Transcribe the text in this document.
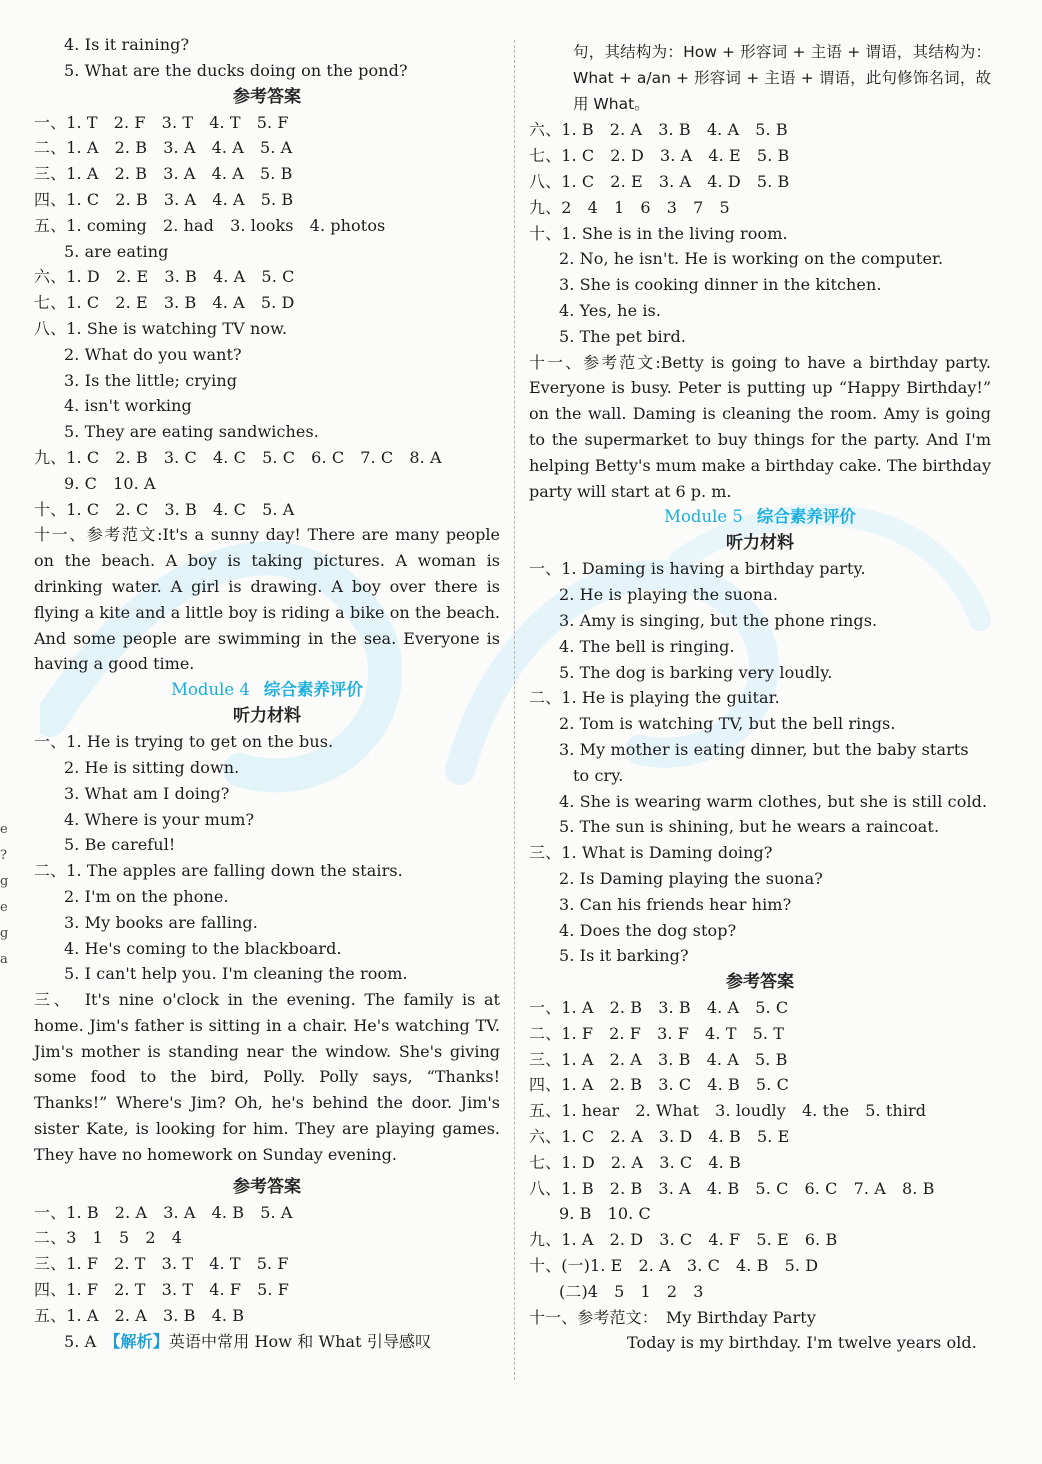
e
?
g
e
g
a
4. Is it raining?
5. What are the ducks doing on the pond?
参考答案
一、1. T　2. F　3. T　4. T　5. F
二、1. A　2. B　3. A　4. A　5. A
三、1. A　2. B　3. A　4. A　5. B
四、1. C　2. B　3. A　4. A　5. B
五、1. coming　2. had　3. looks　4. photos
5. are eating
六、1. D　2. E　3. B　4. A　5. C
七、1. C　2. E　3. B　4. A　5. D
八、1. She is watching TV now.
2. What do you want?
3. Is the little; crying
4. isn't working
5. They are eating sandwiches.
九、1. C　2. B　3. C　4. C　5. C　6. C　7. C　8. A
9. C　10. A
十、1. C　2. C　3. B　4. C　5. A
十一、参考范文:It's a sunny day! There are many people on the beach. A boy is taking pictures. A woman is drinking water. A girl is drawing. A boy over there is flying a kite and a little boy is riding a bike on the beach. And some people are swimming in the sea. Everyone is having a good time.
Module 4 综合素养评价
听力材料
一、1. He is trying to get on the bus.
2. He is sitting down.
3. What am I doing?
4. Where is your mum?
5. Be careful!
二、1. The apples are falling down the stairs.
2. I'm on the phone.
3. My books are falling.
4. He's coming to the blackboard.
5. I can't help you. I'm cleaning the room.
三、　It's nine o'clock in the evening. The family is at home. Jim's father is sitting in a chair. He's watching TV. Jim's mother is standing near the window. She's giving some food to the bird, Polly. Polly says, “Thanks! Thanks!” Where's Jim? Oh, he's behind the door. Jim's sister Kate, is looking for him. They are playing games. They have no homework on Sunday evening.
参考答案
一、1. B　2. A　3. A　4. B　5. A
二、3　1　5　2　4
三、1. F　2. T　3. T　4. T　5. F
四、1. F　2. T　3. T　4. F　5. F
五、1. A　2. A　3. B　4. B
5. A　【解析】英语中常用 How 和 What 引导感叹
句，其结构为：How + 形容词 + 主语 + 谓语，其结构为：What + a/an + 形容词 + 主语 + 谓语，此句修饰名词，故用 What。
六、1. B　2. A　3. B　4. A　5. B
七、1. C　2. D　3. A　4. E　5. B
八、1. C　2. E　3. A　4. D　5. B
九、2　4　1　6　3　7　5
十、1. She is in the living room.
2. No, he isn't. He is working on the computer.
3. She is cooking dinner in the kitchen.
4. Yes, he is.
5. The pet bird.
十一、参考范文:Betty is going to have a birthday party. Everyone is busy. Peter is putting up “Happy Birthday!” on the wall. Daming is cleaning the room. Amy is going to the supermarket to buy things for the party. And I'm helping Betty's mum make a birthday cake. The birthday party will start at 6 p. m.
Module 5 综合素养评价
听力材料
一、1. Daming is having a birthday party.
2. He is playing the suona.
3. Amy is singing, but the phone rings.
4. The bell is ringing.
5. The dog is barking very loudly.
二、1. He is playing the guitar.
2. Tom is watching TV, but the bell rings.
3. My mother is eating dinner, but the baby starts
to cry.
4. She is wearing warm clothes, but she is still cold.
5. The sun is shining, but he wears a raincoat.
三、1. What is Daming doing?
2. Is Daming playing the suona?
3. Can his friends hear him?
4. Does the dog stop?
5. Is it barking?
参考答案
一、1. A　2. B　3. B　4. A　5. C
二、1. F　2. F　3. F　4. T　5. T
三、1. A　2. A　3. B　4. A　5. B
四、1. A　2. B　3. C　4. B　5. C
五、1. hear　2. What　3. loudly　4. the　5. third
六、1. C　2. A　3. D　4. B　5. E
七、1. D　2. A　3. C　4. B
八、1. B　2. B　3. A　4. B　5. C　6. C　7. A　8. B
9. B　10. C
九、1. A　2. D　3. C　4. F　5. E　6. B
十、(一)1. E　2. A　3. C　4. B　5. D
(二)4　5　1　2　3
十一、参考范文：　My Birthday Party
Today is my birthday. I'm twelve years old.
